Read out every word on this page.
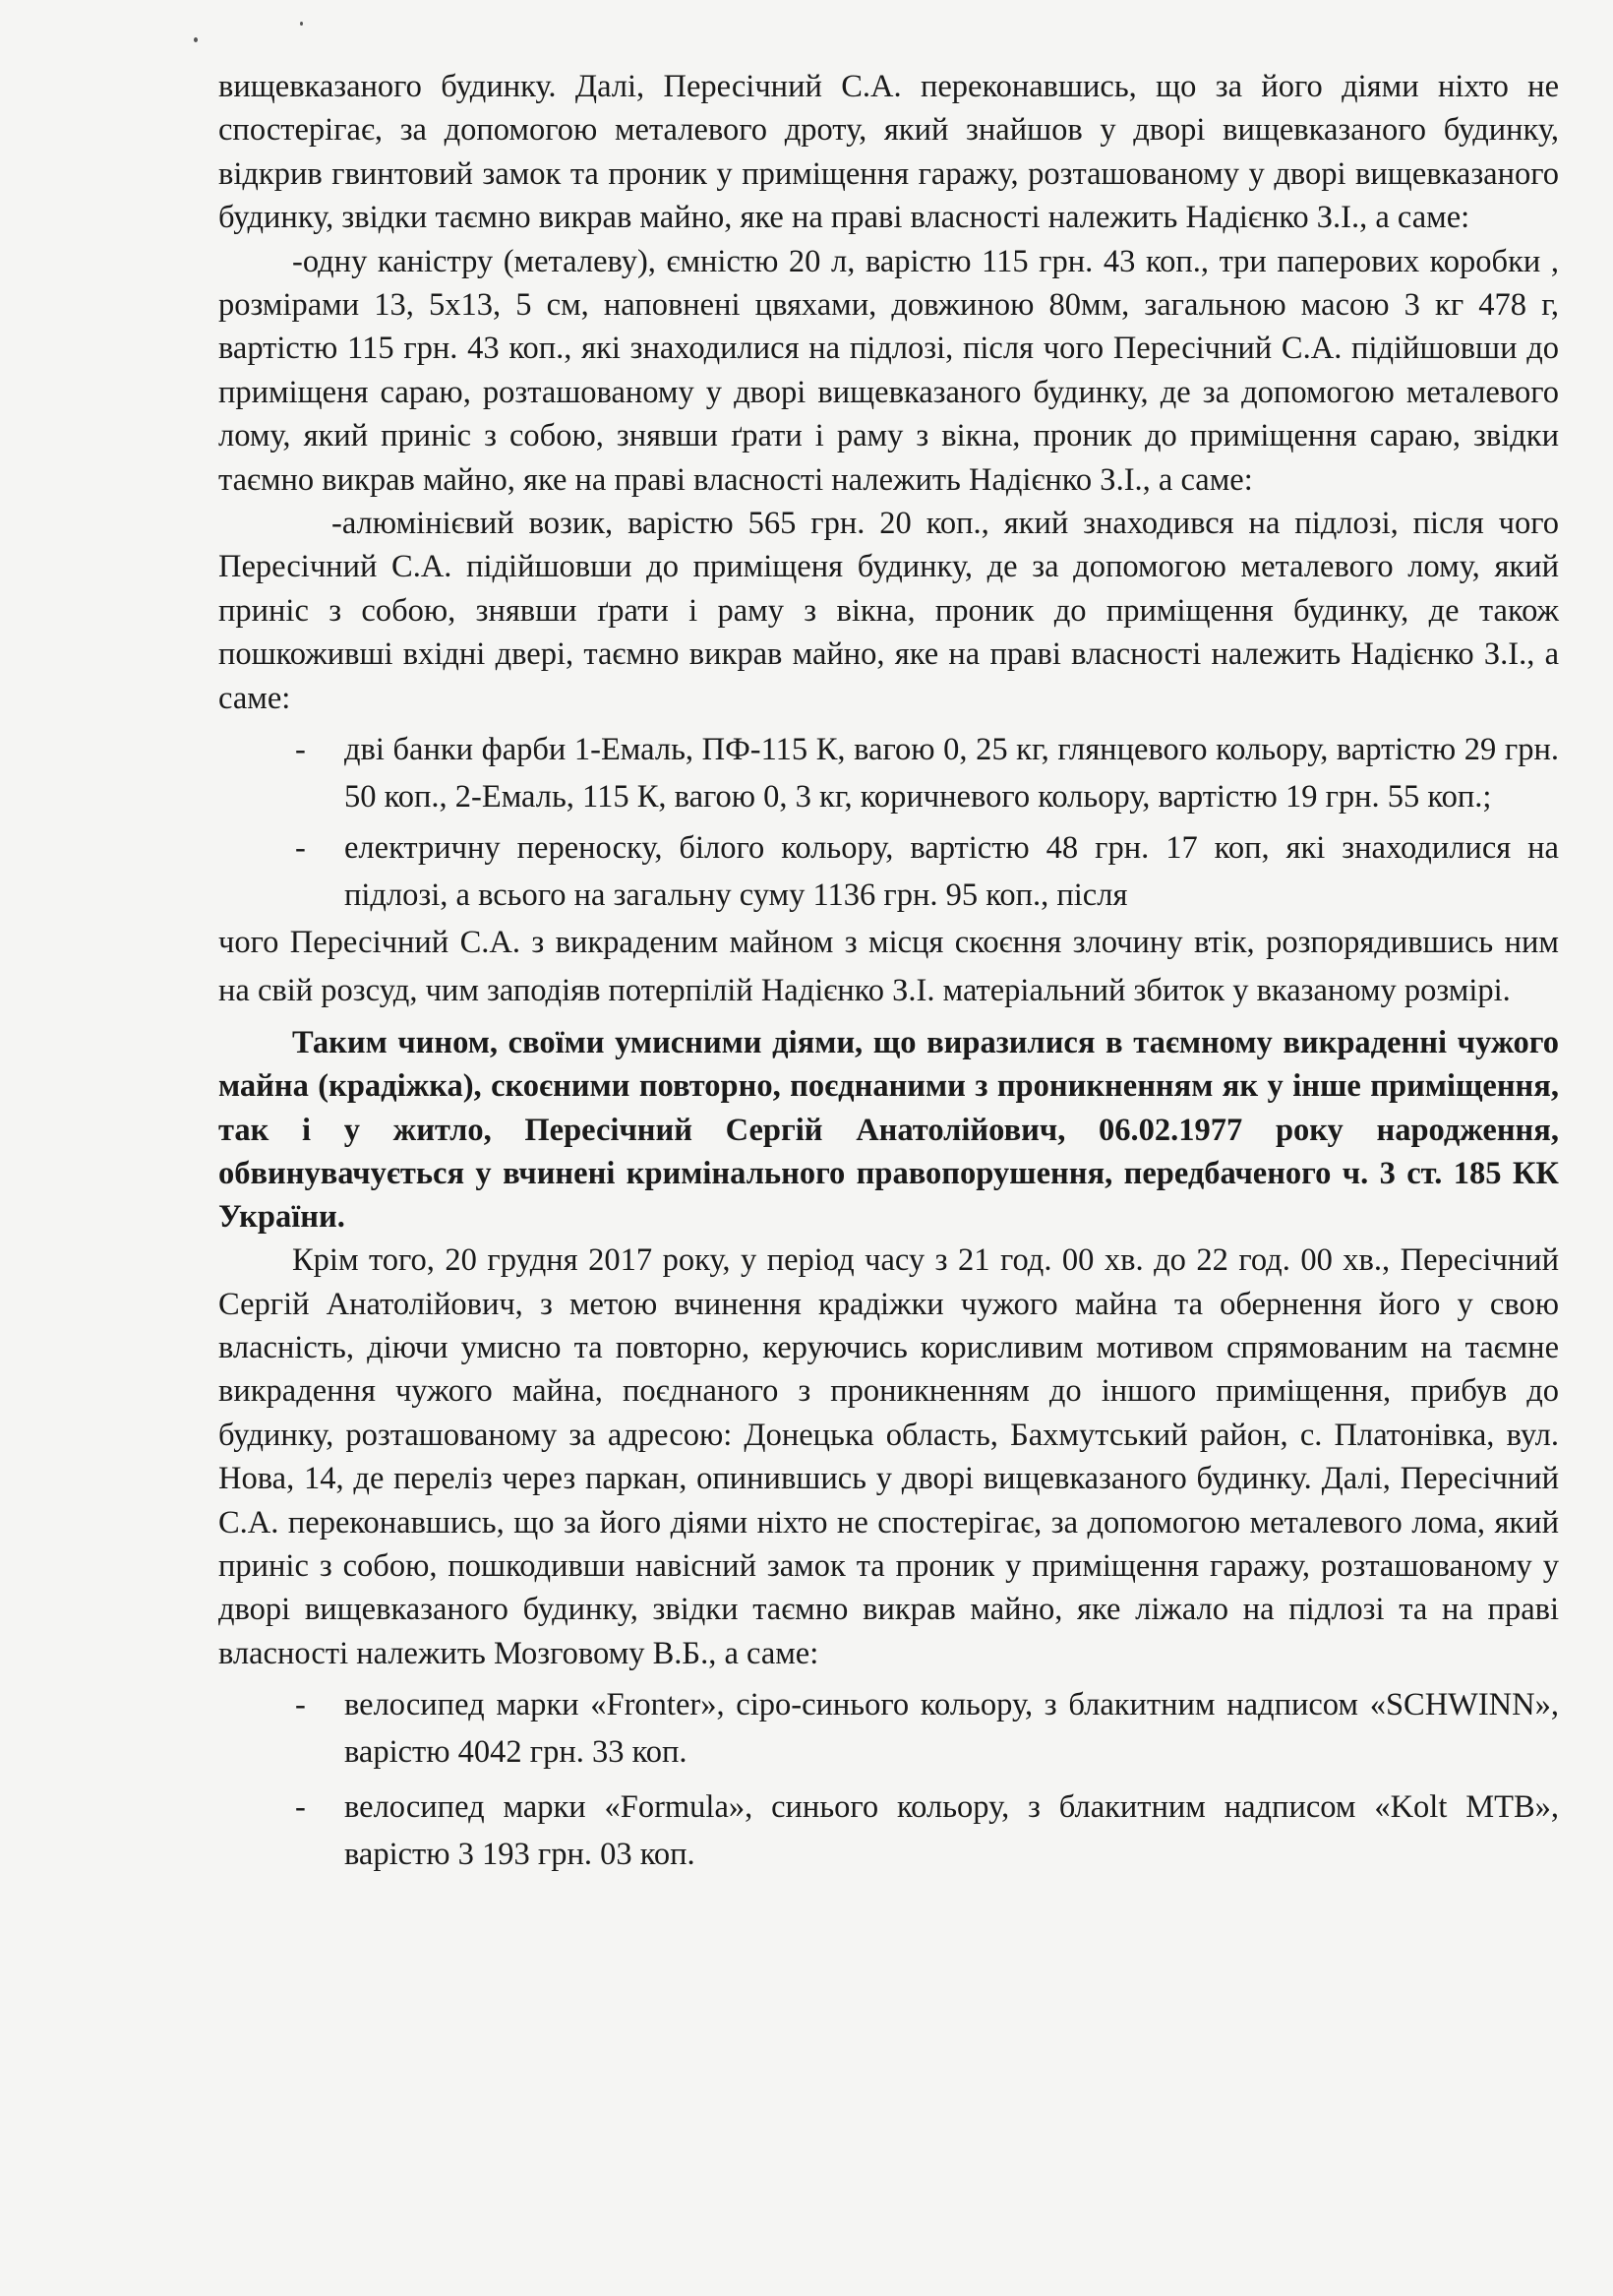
вищевказаного будинку. Далі, Пересічний С.А. переконавшись, що за його діями ніхто не спостерігає, за допомогою металевого дроту, який знайшов у дворі вищевказаного будинку, відкрив гвинтовий замок та проник у приміщення гаражу, розташованому у дворі вищевказаного будинку, звідки таємно викрав майно, яке на праві власності належить Надієнко З.І., а саме:

-одну каністру (металеву), ємністю 20 л, варістю 115 грн. 43 коп., три паперових коробки , розмірами 13, 5х13, 5 см, наповнені цвяхами, довжиною 80мм, загальною масою 3 кг 478 г, вартістю 115 грн. 43 коп., які знаходилися на підлозі, після чого Пересічний С.А. підійшовши до приміщеня сараю, розташованому у дворі вищевказаного будинку, де за допомогою металевого лому, який приніс з собою, знявши ґрати і раму з вікна, проник до приміщення сараю, звідки таємно викрав майно, яке на праві власності належить Надієнко З.І., а саме:

-алюмінієвий возик, варістю 565 грн. 20 коп., який знаходився на підлозі, після чого Пересічний С.А. підійшовши до приміщеня будинку, де за допомогою металевого лому, який приніс з собою, знявши ґрати і раму з вікна, проник до приміщення будинку, де також пошкоживші вхідні двері, таємно викрав майно, яке на праві власності належить Надієнко З.І., а саме:

- дві банки фарби 1-Емаль, ПФ-115 К, вагою 0, 25 кг, глянцевого кольору, вартістю 29 грн. 50 коп., 2-Емаль, 115 К, вагою 0, 3 кг, коричневого кольору, вартістю 19 грн. 55 коп.;
- електричну переноску, білого кольору, вартістю 48 грн. 17 коп, які знаходилися на підлозі, а всього на загальну суму 1136 грн. 95 коп., після

чого Пересічний С.А. з викраденим майном з місця скоєння злочину втік, розпорядившись ним на свій розсуд, чим заподіяв потерпілій Надієнко З.І. матеріальний збиток у вказаному розмірі.

Таким чином, своїми умисними діями, що виразилися в таємному викраденні чужого майна (крадіжка), скоєними повторно, поєднаними з проникненням як у інше приміщення, так і у житло, Пересічний Сергій Анатолійович, 06.02.1977 року народження, обвинувачується у вчинені кримінального правопорушення, передбаченого ч. 3 ст. 185 КК України.

Крім того, 20 грудня 2017 року, у період часу з 21 год. 00 хв. до 22 год. 00 хв., Пересічний Сергій Анатолійович, з метою вчинення крадіжки чужого майна та обернення його у свою власність, діючи умисно та повторно, керуючись корисливим мотивом спрямованим на таємне викрадення чужого майна, поєднаного з проникненням до іншого приміщення, прибув до будинку, розташованому за адресою: Донецька область, Бахмутський район, с. Платонівка, вул. Нова, 14, де переліз через паркан, опинившись у дворі вищевказаного будинку. Далі, Пересічний С.А. переконавшись, що за його діями ніхто не спостерігає, за допомогою металевого лома, який приніс з собою, пошкодивши навісний замок та проник у приміщення гаражу, розташованому у дворі вищевказаного будинку, звідки таємно викрав майно, яке ліжало на підлозі та на праві власності належить Мозговому В.Б., а саме:

- велосипед марки «Fronter», сіро-синього кольору, з блакитним надписом «SCHWINN», варістю 4042 грн. 33 коп.
- велосипед марки «Formula», синього кольору, з блакитним надписом «Kolt MTB», варістю 3 193 грн. 03 коп.
